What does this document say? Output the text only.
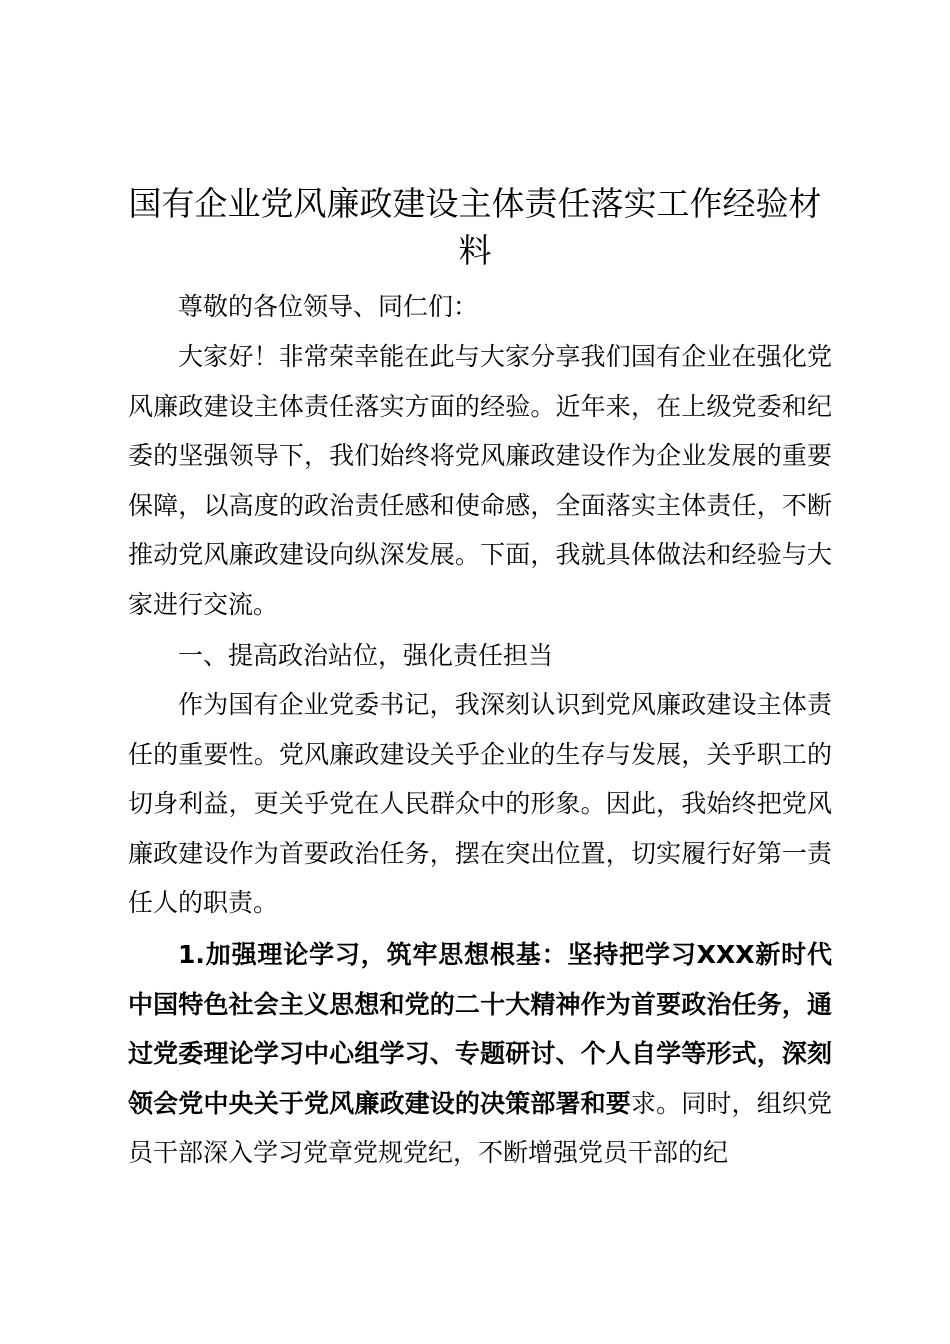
国有企业党风廉政建设主体责任落实工作经验材料

尊敬的各位领导、同仁们：

大家好！非常荣幸能在此与大家分享我们国有企业在强化党风廉政建设主体责任落实方面的经验。近年来，在上级党委和纪委的坚强领导下，我们始终将党风廉政建设作为企业发展的重要保障，以高度的政治责任感和使命感，全面落实主体责任，不断推动党风廉政建设向纵深发展。下面，我就具体做法和经验与大家进行交流。

一、提高政治站位，强化责任担当

作为国有企业党委书记，我深刻认识到党风廉政建设主体责任的重要性。党风廉政建设关乎企业的生存与发展，关乎职工的切身利益，更关乎党在人民群众中的形象。因此，我始终把党风廉政建设作为首要政治任务，摆在突出位置，切实履行好第一责任人的职责。

1.加强理论学习，筑牢思想根基：坚持把学习XXX新时代中国特色社会主义思想和党的二十大精神作为首要政治任务，通过党委理论学习中心组学习、专题研讨、个人自学等形式，深刻领会党中央关于党风廉政建设的决策部署和要求。同时，组织党员干部深入学习党章党规党纪，不断增强党员干部的纪
